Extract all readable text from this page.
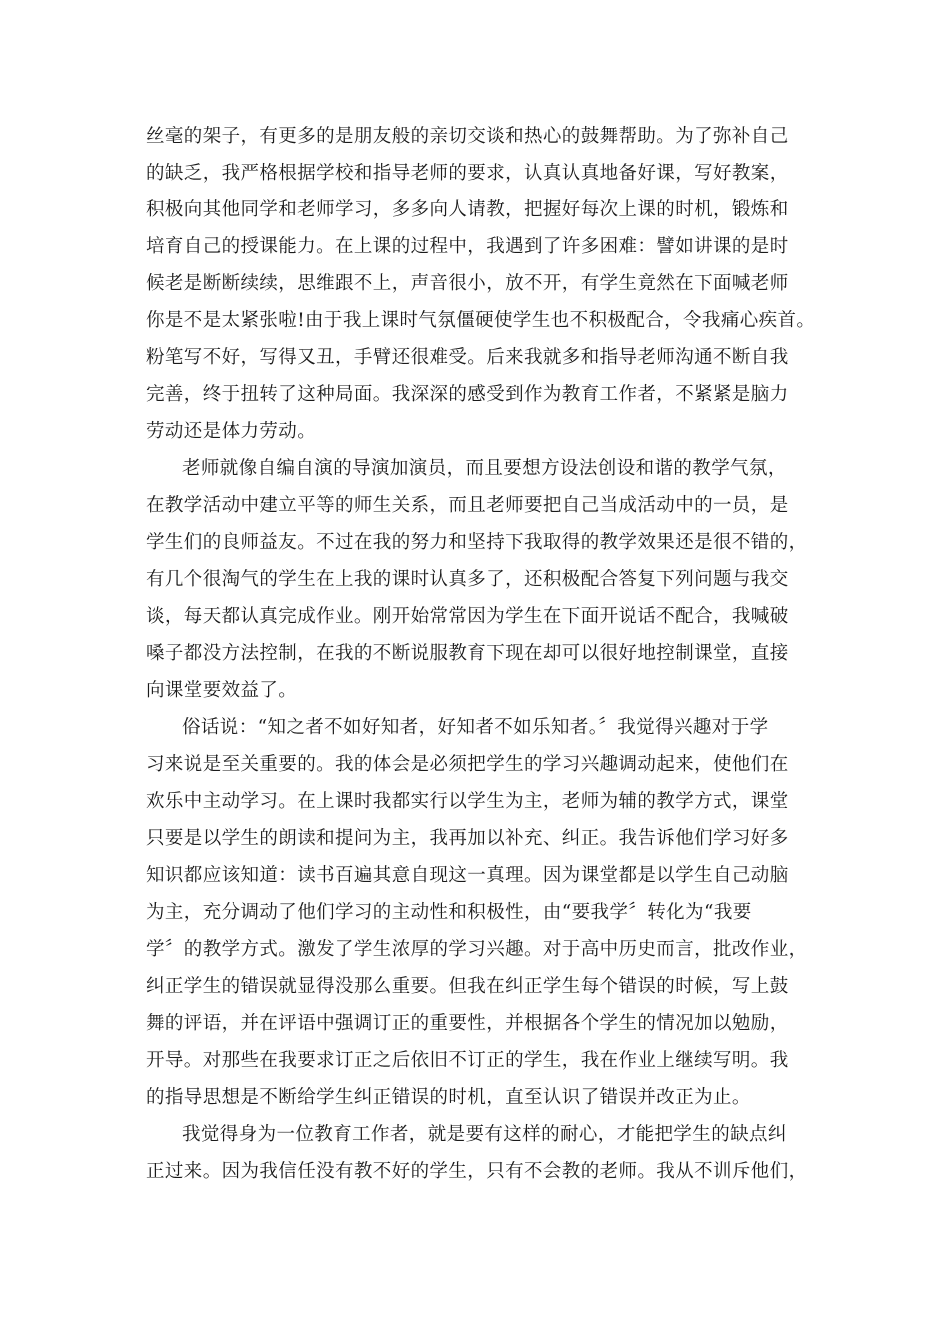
丝毫的架子，有更多的是朋友般的亲切交谈和热心的鼓舞帮助。为了弥补自己
的缺乏，我严格根据学校和指导老师的要求，认真认真地备好课，写好教案，
积极向其他同学和老师学习，多多向人请教，把握好每次上课的时机，锻炼和
培育自己的授课能力。在上课的过程中，我遇到了许多困难：譬如讲课的是时
候老是断断续续，思维跟不上，声音很小，放不开，有学生竟然在下面喊老师
你是不是太紧张啦!由于我上课时气氛僵硬使学生也不积极配合，令我痛心疾首。
粉笔写不好，写得又丑，手臂还很难受。后来我就多和指导老师沟通不断自我
完善，终于扭转了这种局面。我深深的感受到作为教育工作者，不紧紧是脑力
劳动还是体力劳动。
老师就像自编自演的导演加演员，而且要想方设法创设和谐的教学气氛，
在教学活动中建立平等的师生关系，而且老师要把自己当成活动中的一员，是
学生们的良师益友。不过在我的努力和坚持下我取得的教学效果还是很不错的，
有几个很淘气的学生在上我的课时认真多了，还积极配合答复下列问题与我交
谈，每天都认真完成作业。刚开始常常因为学生在下面开说话不配合，我喊破
嗓子都没方法控制，在我的不断说服教育下现在却可以很好地控制课堂，直接
向课堂要效益了。
俗话说：“知之者不如好知者，好知者不如乐知者。〞我觉得兴趣对于学
习来说是至关重要的。我的体会是必须把学生的学习兴趣调动起来，使他们在
欢乐中主动学习。在上课时我都实行以学生为主，老师为辅的教学方式，课堂
只要是以学生的朗读和提问为主，我再加以补充、纠正。我告诉他们学习好多
知识都应该知道：读书百遍其意自现这一真理。因为课堂都是以学生自己动脑
为主，充分调动了他们学习的主动性和积极性，由“要我学〞转化为“我要
学〞的教学方式。激发了学生浓厚的学习兴趣。对于高中历史而言，批改作业，
纠正学生的错误就显得没那么重要。但我在纠正学生每个错误的时候，写上鼓
舞的评语，并在评语中强调订正的重要性，并根据各个学生的情况加以勉励，
开导。对那些在我要求订正之后依旧不订正的学生，我在作业上继续写明。我
的指导思想是不断给学生纠正错误的时机，直至认识了错误并改正为止。
我觉得身为一位教育工作者，就是要有这样的耐心，才能把学生的缺点纠
正过来。因为我信任没有教不好的学生，只有不会教的老师。我从不训斥他们，
